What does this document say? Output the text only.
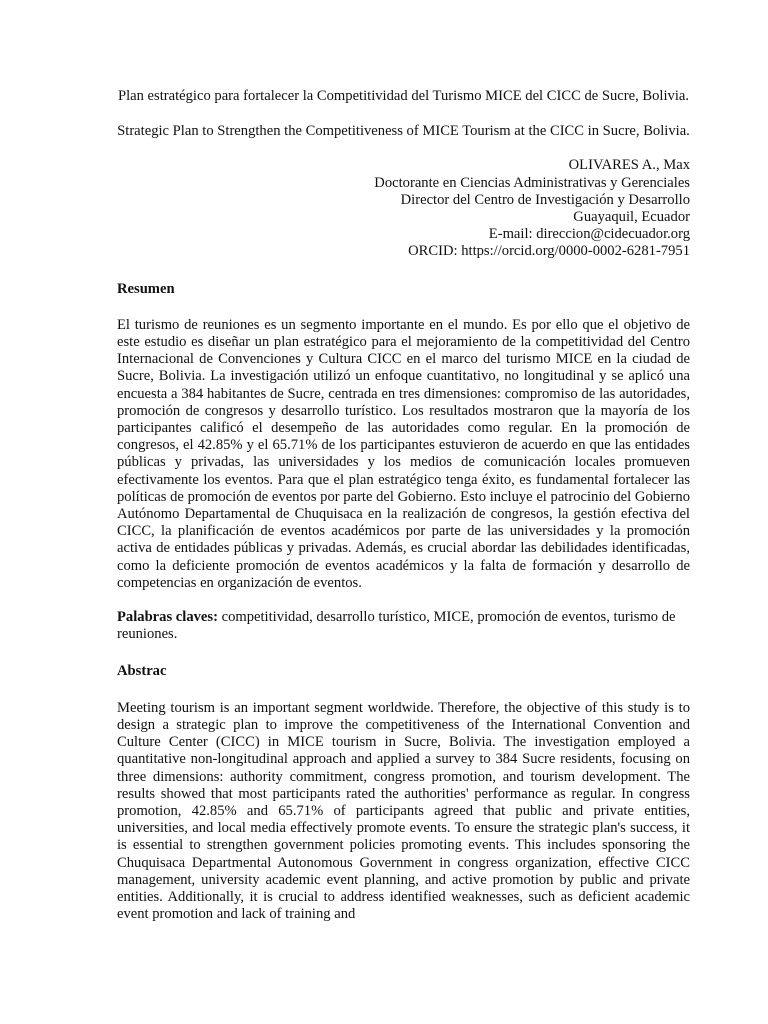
Plan estratégico para fortalecer la Competitividad del Turismo MICE del CICC de Sucre, Bolivia.

Strategic Plan to Strengthen the Competitiveness of MICE Tourism at the CICC in Sucre, Bolivia.

OLIVARES A., Max
Doctorante en Ciencias Administrativas y Gerenciales
Director del Centro de Investigación y Desarrollo
Guayaquil, Ecuador
E-mail: direccion@cidecuador.org
ORCID: https://orcid.org/0000-0002-6281-7951

Resumen

El turismo de reuniones es un segmento importante en el mundo. Es por ello que el objetivo de este estudio es diseñar un plan estratégico para el mejoramiento de la competitividad del Centro Internacional de Convenciones y Cultura CICC en el marco del turismo MICE en la ciudad de Sucre, Bolivia. La investigación utilizó un enfoque cuantitativo, no longitudinal y se aplicó una encuesta a 384 habitantes de Sucre, centrada en tres dimensiones: compromiso de las autoridades, promoción de congresos y desarrollo turístico. Los resultados mostraron que la mayoría de los participantes calificó el desempeño de las autoridades como regular. En la promoción de congresos, el 42.85% y el 65.71% de los participantes estuvieron de acuerdo en que las entidades públicas y privadas, las universidades y los medios de comunicación locales promueven efectivamente los eventos. Para que el plan estratégico tenga éxito, es fundamental fortalecer las políticas de promoción de eventos por parte del Gobierno. Esto incluye el patrocinio del Gobierno Autónomo Departamental de Chuquisaca en la realización de congresos, la gestión efectiva del CICC, la planificación de eventos académicos por parte de las universidades y la promoción activa de entidades públicas y privadas. Además, es crucial abordar las debilidades identificadas, como la deficiente promoción de eventos académicos y la falta de formación y desarrollo de competencias en organización de eventos.

Palabras claves: competitividad, desarrollo turístico, MICE, promoción de eventos, turismo de reuniones.

Abstrac

Meeting tourism is an important segment worldwide. Therefore, the objective of this study is to design a strategic plan to improve the competitiveness of the International Convention and Culture Center (CICC) in MICE tourism in Sucre, Bolivia. The investigation employed a quantitative non-longitudinal approach and applied a survey to 384 Sucre residents, focusing on three dimensions: authority commitment, congress promotion, and tourism development. The results showed that most participants rated the authorities' performance as regular. In congress promotion, 42.85% and 65.71% of participants agreed that public and private entities, universities, and local media effectively promote events. To ensure the strategic plan's success, it is essential to strengthen government policies promoting events. This includes sponsoring the Chuquisaca Departmental Autonomous Government in congress organization, effective CICC management, university academic event planning, and active promotion by public and private entities. Additionally, it is crucial to address identified weaknesses, such as deficient academic event promotion and lack of training and
